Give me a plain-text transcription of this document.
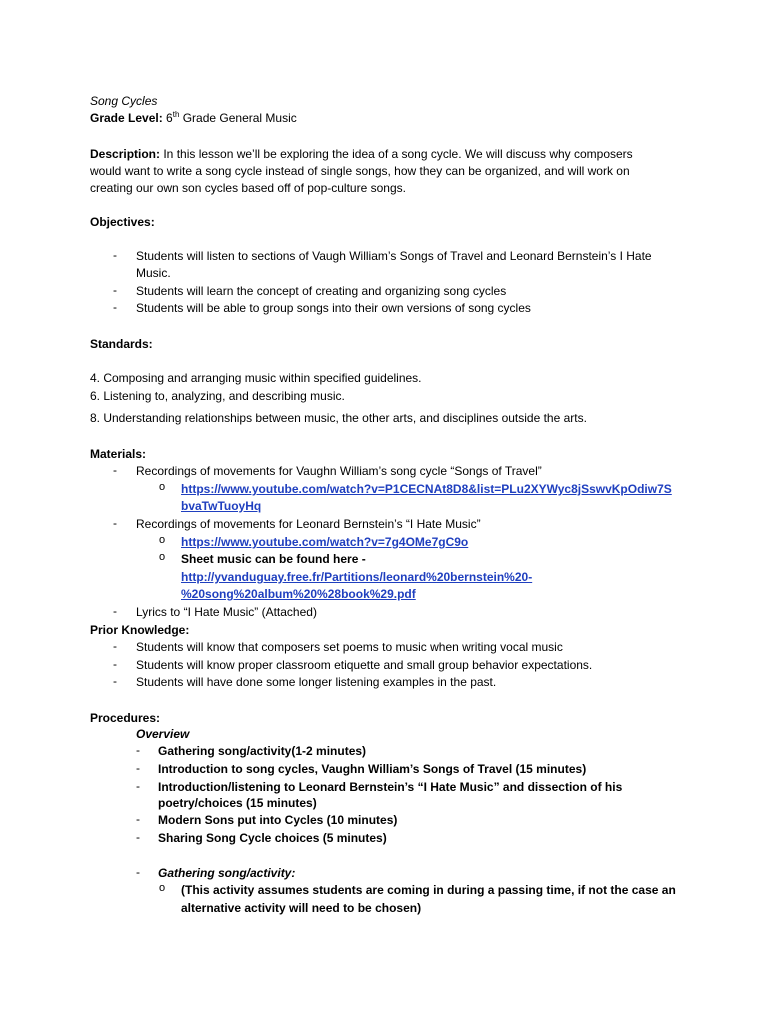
Song Cycles
Grade Level: 6th Grade General Music
Description: In this lesson we’ll be exploring the idea of a song cycle. We will discuss why composers
would want to write a song cycle instead of single songs, how they can be organized, and will work on
creating our own son cycles based off of pop-culture songs.
Objectives:
- Students will listen to sections of Vaugh William’s Songs of Travel and Leonard Bernstein’s I Hate
Music.
- Students will learn the concept of creating and organizing song cycles
- Students will be able to group songs into their own versions of song cycles
Standards:
4. Composing and arranging music within specified guidelines.
6. Listening to, analyzing, and describing music.
8. Understanding relationships between music, the other arts, and disciplines outside the arts.
Materials:
- Recordings of movements for Vaughn William’s song cycle “Songs of Travel”
o https://www.youtube.com/watch?v=P1CECNAt8D8&list=PLu2XYWyc8jSswvKpOdiw7S
bvaTwTuoyHq
- Recordings of movements for Leonard Bernstein’s “I Hate Music”
o https://www.youtube.com/watch?v=7g4OMe7gC9o
o Sheet music can be found here -
http://yvanduguay.free.fr/Partitions/leonard%20bernstein%20-
%20song%20album%20%28book%29.pdf
- Lyrics to “I Hate Music” (Attached)
Prior Knowledge:
- Students will know that composers set poems to music when writing vocal music
- Students will know proper classroom etiquette and small group behavior expectations.
- Students will have done some longer listening examples in the past.
Procedures:
Overview
- Gathering song/activity(1-2 minutes)
- Introduction to song cycles, Vaughn William’s Songs of Travel (15 minutes)
- Introduction/listening to Leonard Bernstein’s “I Hate Music” and dissection of his
poetry/choices (15 minutes)
- Modern Sons put into Cycles (10 minutes)
- Sharing Song Cycle choices (5 minutes)
- Gathering song/activity:
o (This activity assumes students are coming in during a passing time, if not the case an
alternative activity will need to be chosen)
